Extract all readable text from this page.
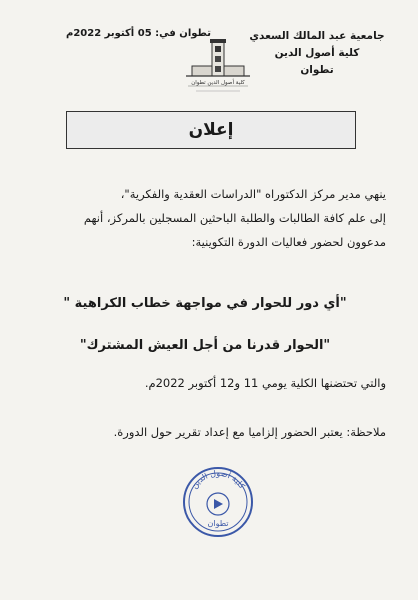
جامعية عبد المالك السعدي
كلية أصول الدين
تطوان
تطوان في: 05 أكتوبر 2022م
كلية أصول الدين تطوان
إعلان

ينهي مدير مركز الدكتوراه "الدراسات العقدية والفكرية"،

إلى علم كافة الطالبات والطلبة الباحثين المسجلين بالمركز، أنهم

مدعوون لحضور فعاليات الدورة التكوينية:

"أي دور للحوار في مواجهة خطاب الكراهية "
"الحوار قدرنا من أجل العيش المشترك"
والتي تحتضنها الكلية يومي 11 و12 أكتوبر 2022م.
ملاحظة: يعتبر الحضور إلزاميا مع إعداد تقرير حول الدورة.
كلية أصول الدين
تطوان
